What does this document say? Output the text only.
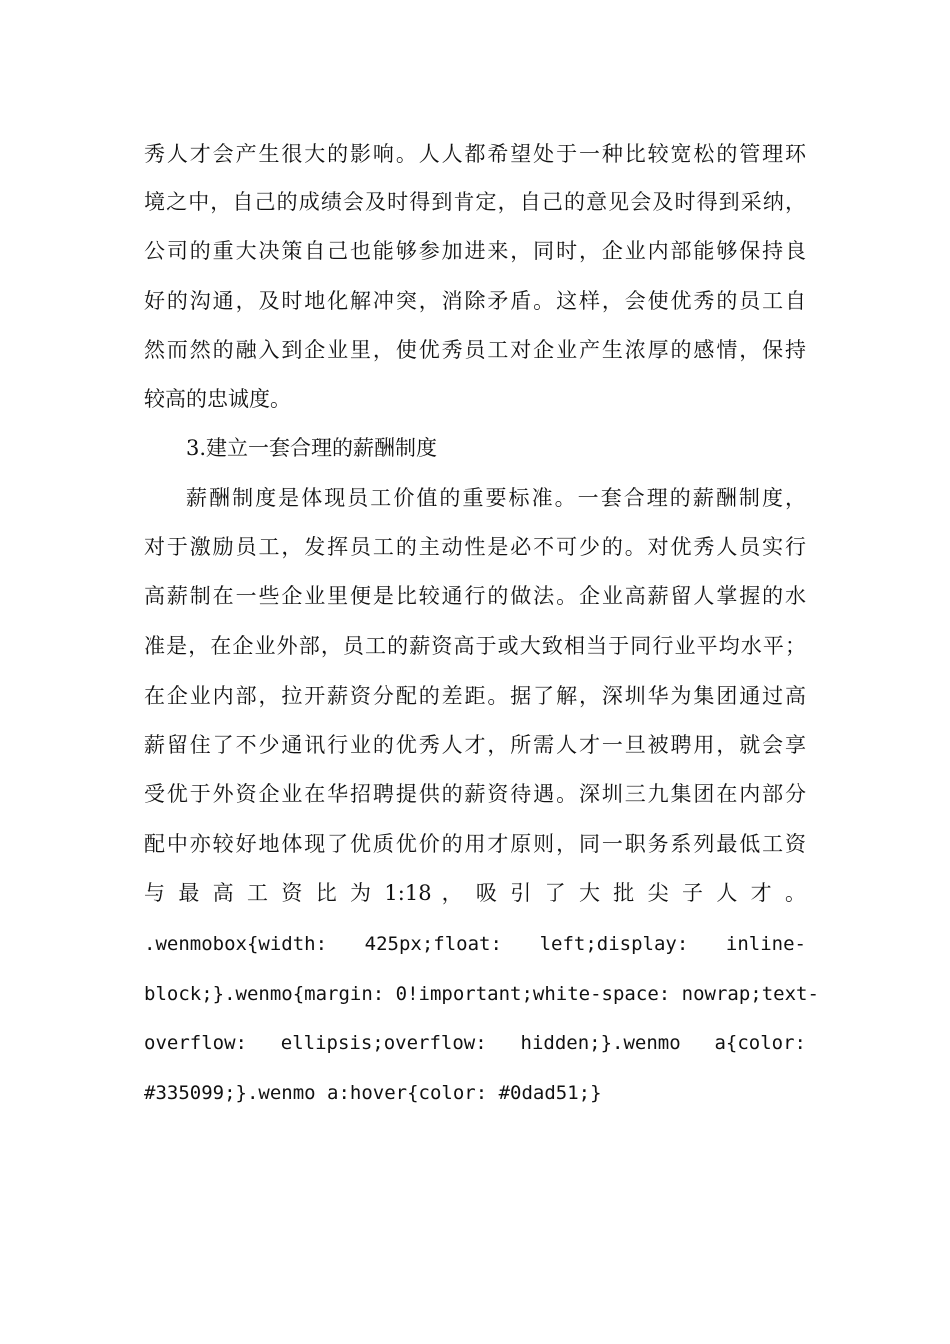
秀人才会产生很大的影响。人人都希望处于一种比较宽松的管理环

境之中，自己的成绩会及时得到肯定，自己的意见会及时得到采纳，

公司的重大决策自己也能够参加进来，同时，企业内部能够保持良

好的沟通，及时地化解冲突，消除矛盾。这样，会使优秀的员工自

然而然的融入到企业里，使优秀员工对企业产生浓厚的感情，保持

较高的忠诚度。

3.建立一套合理的薪酬制度

薪酬制度是体现员工价值的重要标准。一套合理的薪酬制度，

对于激励员工，发挥员工的主动性是必不可少的。对优秀人员实行

高薪制在一些企业里便是比较通行的做法。企业高薪留人掌握的水

准是，在企业外部，员工的薪资高于或大致相当于同行业平均水平；

在企业内部，拉开薪资分配的差距。据了解，深圳华为集团通过高

薪留住了不少通讯行业的优秀人才，所需人才一旦被聘用，就会享

受优于外资企业在华招聘提供的薪资待遇。深圳三九集团在内部分

配中亦较好地体现了优质优价的用才原则，同一职务系列最低工资

与 最 高 工 资 比 为 1:18 ， 吸 引 了 大 批 尖 子 人 才 。

.wenmobox{width: 425px;float: left;display: inline-

block;}.wenmo{margin: 0!important;white-space: nowrap;text-

overflow: ellipsis;overflow: hidden;}.wenmo a{color:

#335099;}.wenmo a:hover{color: #0dad51;}
